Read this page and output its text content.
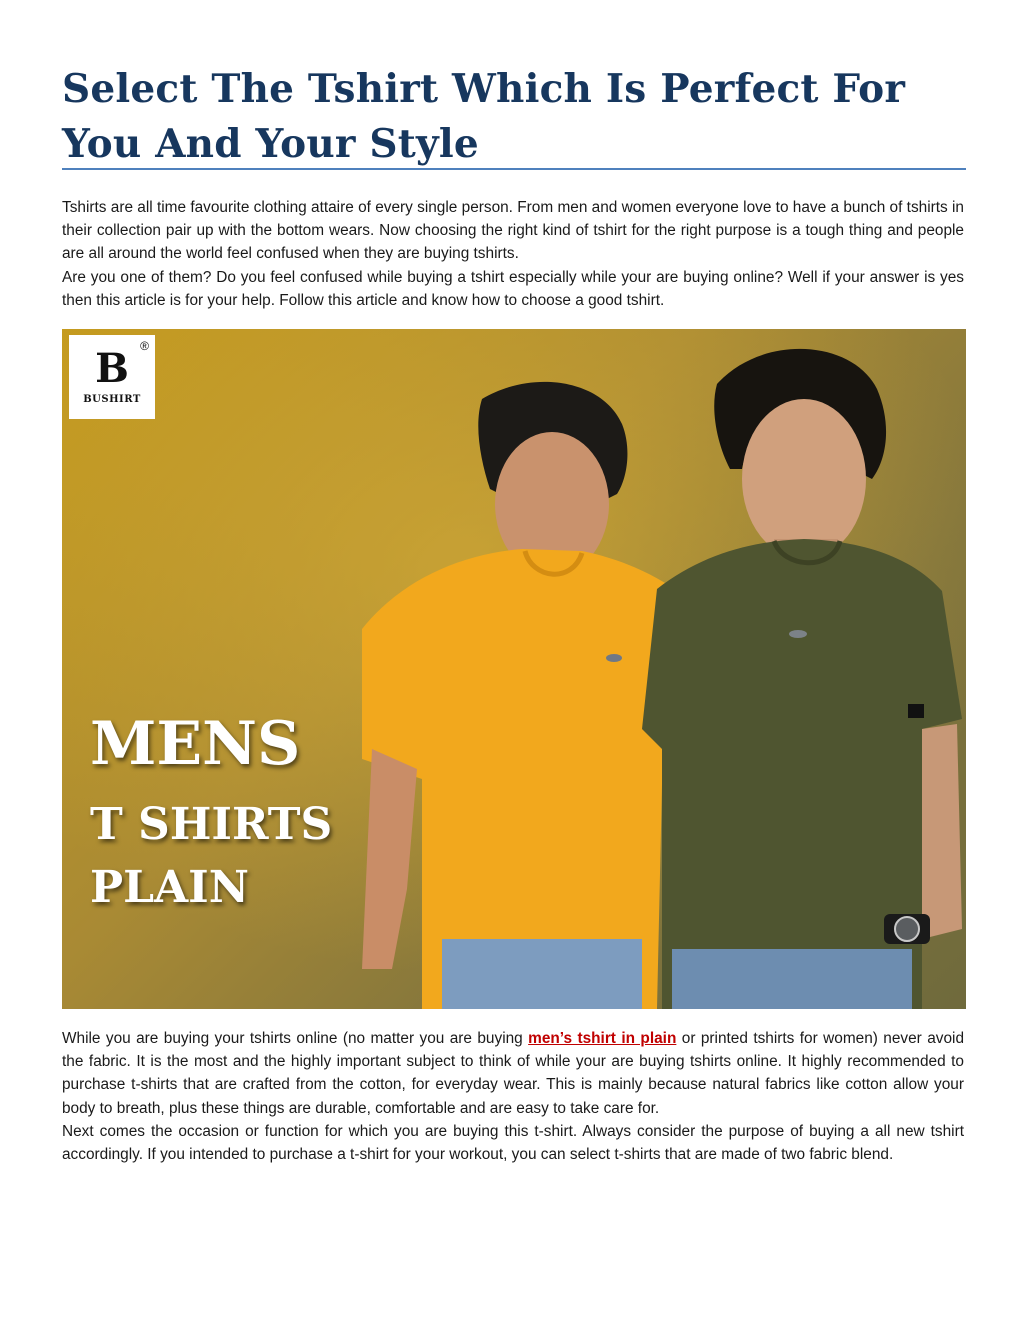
Select The Tshirt Which Is Perfect For You And Your Style

Tshirts are all time favourite clothing attaire of every single person. From men and women everyone love to have a bunch of tshirts in their collection pair up with the bottom wears. Now choosing the right kind of tshirt for the right purpose is a tough thing and people are all around the world feel confused when they are buying tshirts.

Are you one of them? Do you feel confused while buying a tshirt especially while your are buying online? Well if your answer is yes then this article is for your help. Follow this article and know how to choose a good tshirt.

®
B
BUSHIRT
MENS
T SHIRTS
PLAIN

While you are buying your tshirts online (no matter you are buying men’s tshirt in plain or printed tshirts for women) never avoid the fabric. It is the most and the highly important subject to think of while your are buying tshirts online. It highly recommended to purchase t-shirts that are crafted from the cotton, for everyday wear. This is mainly because natural fabrics like cotton allow your body to breath, plus these things are durable, comfortable and are easy to take care for.

Next comes the occasion or function for which you are buying this t-shirt. Always consider the purpose of buying a all new tshirt accordingly. If you intended to purchase a t-shirt for your workout, you can select t-shirts that are made of two fabric blend.
